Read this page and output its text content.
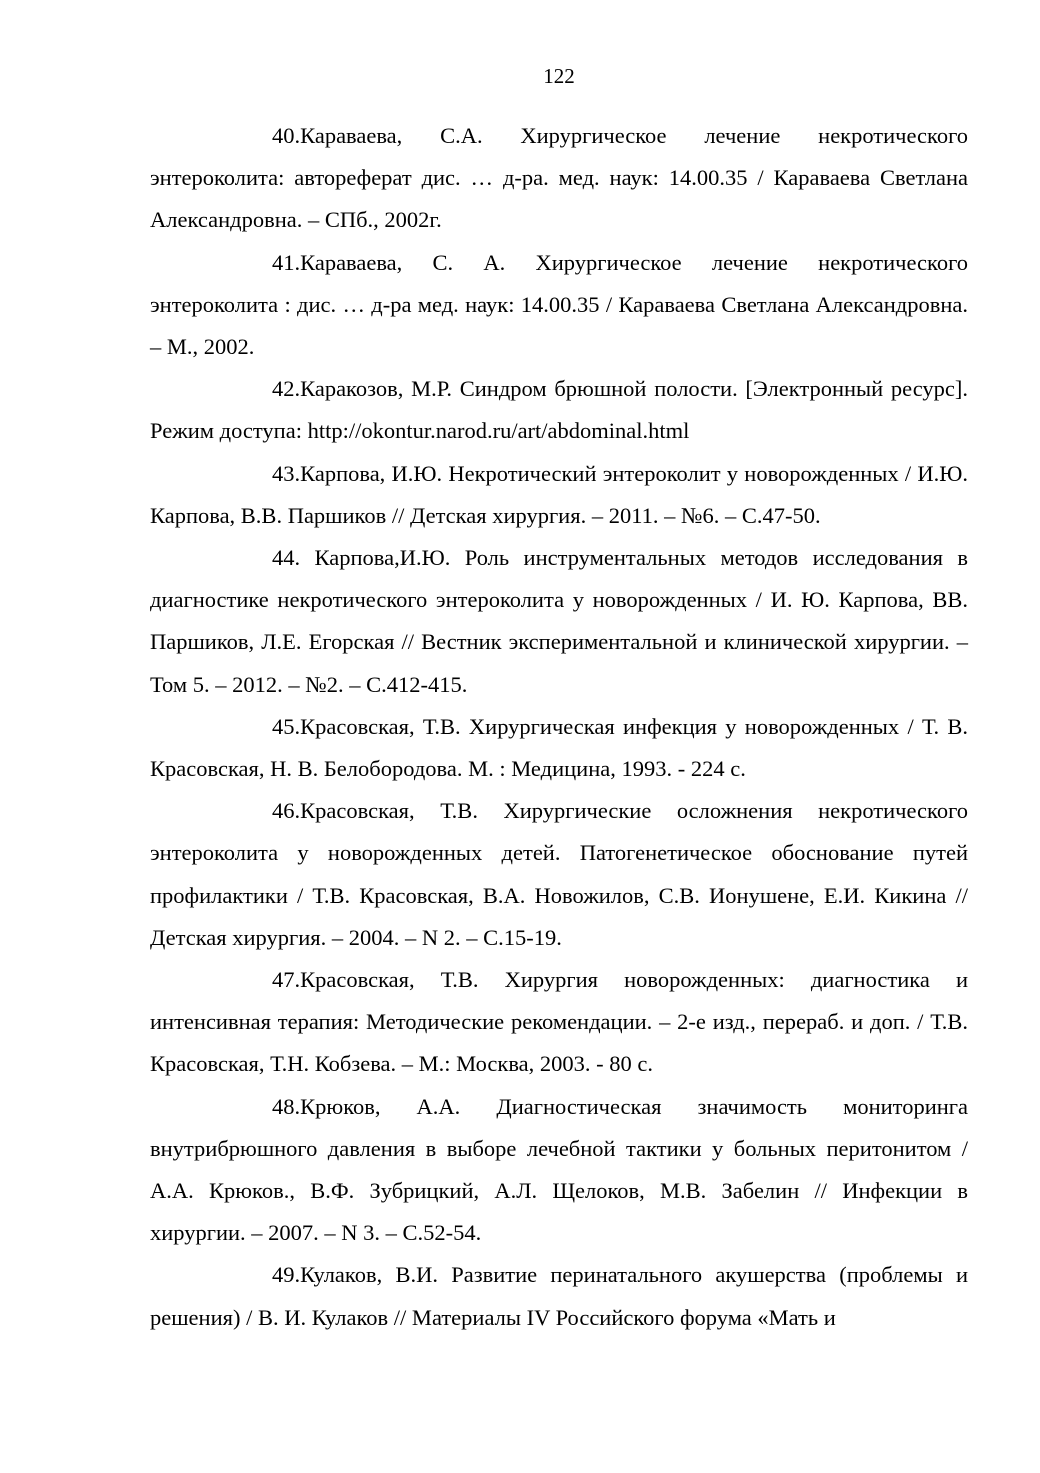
122

40.Караваева, С.А. Хирургическое лечение некротического энтероколита: автореферат дис. … д-ра. мед. наук: 14.00.35 / Караваева Светлана Александровна. – СПб., 2002г.

41.Караваева, С. А. Хирургическое лечение некротического энтероколита : дис. … д-ра мед. наук: 14.00.35 / Караваева Светлана Александровна. – М., 2002.

42.Каракозов, М.Р. Синдром брюшной полости. [Электронный ресурс]. Режим доступа: http://okontur.narod.ru/art/abdominal.html

43.Карпова, И.Ю. Некротический энтероколит у новорожденных / И.Ю. Карпова, В.В. Паршиков // Детская хирургия. – 2011. – №6. – С.47-50.

44. Карпова,И.Ю. Роль инструментальных методов исследования в диагностике некротического энтероколита у новорожденных / И. Ю. Карпова, ВВ. Паршиков, Л.Е. Егорская // Вестник экспериментальной и клинической хирургии. – Том 5. – 2012. – №2. – С.412-415.

45.Красовская, Т.В. Хирургическая инфекция у новорожденных / Т. В. Красовская, Н. В. Белобородова. М. : Медицина, 1993. - 224 с.

46.Красовская, Т.В. Хирургические осложнения некротического энтероколита у новорожденных детей. Патогенетическое обоснование путей профилактики / Т.В. Красовская, В.А. Новожилов, С.В. Ионушене, Е.И. Кикина // Детская хирургия. – 2004. – N 2. – С.15-19.

47.Красовская, Т.В. Хирургия новорожденных: диагностика и интенсивная терапия: Методические рекомендации. – 2-е изд., перераб. и доп. / Т.В. Красовская, Т.Н. Кобзева. – М.: Москва, 2003. - 80 с.

48.Крюков, А.А. Диагностическая значимость мониторинга внутрибрюшного давления в выборе лечебной тактики у больных перитонитом / А.А. Крюков., В.Ф. Зубрицкий, А.Л. Щелоков, М.В. Забелин // Инфекции в хирургии. – 2007. – N 3. – С.52-54.

49.Кулаков, В.И. Развитие перинатального акушерства (проблемы и решения) / В. И. Кулаков // Материалы IV Российского форума «Мать и
